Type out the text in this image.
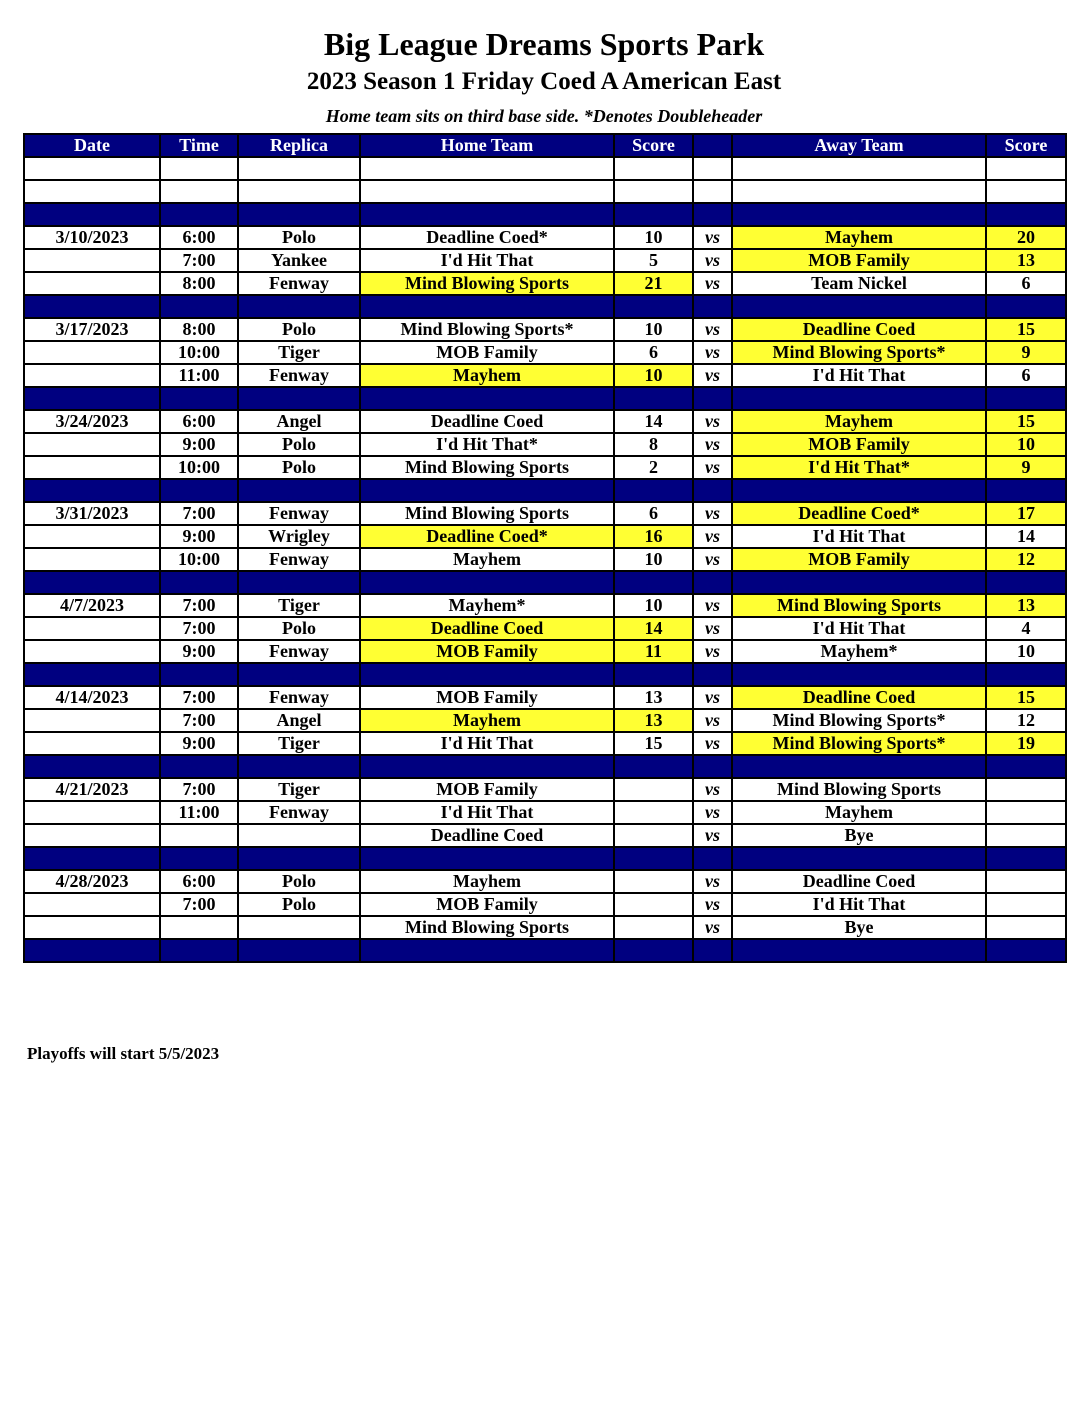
Big League Dreams Sports Park
2023 Season 1 Friday Coed A American East
Home team sits on third base side. *Denotes Doubleheader
Date	Time	Replica	Home Team	Score		Away Team	Score

3/10/2023	6:00	Polo	Deadline Coed*	10	vs	Mayhem	20
	7:00	Yankee	I'd Hit That	5	vs	MOB Family	13
	8:00	Fenway	Mind Blowing Sports	21	vs	Team Nickel	6

3/17/2023	8:00	Polo	Mind Blowing Sports*	10	vs	Deadline Coed	15
	10:00	Tiger	MOB Family	6	vs	Mind Blowing Sports*	9
	11:00	Fenway	Mayhem	10	vs	I'd Hit That	6

3/24/2023	6:00	Angel	Deadline Coed	14	vs	Mayhem	15
	9:00	Polo	I'd Hit That*	8	vs	MOB Family	10
	10:00	Polo	Mind Blowing Sports	2	vs	I'd Hit That*	9

3/31/2023	7:00	Fenway	Mind Blowing Sports	6	vs	Deadline Coed*	17
	9:00	Wrigley	Deadline Coed*	16	vs	I'd Hit That	14
	10:00	Fenway	Mayhem	10	vs	MOB Family	12

4/7/2023	7:00	Tiger	Mayhem*	10	vs	Mind Blowing Sports	13
	7:00	Polo	Deadline Coed	14	vs	I'd Hit That	4
	9:00	Fenway	MOB Family	11	vs	Mayhem*	10

4/14/2023	7:00	Fenway	MOB Family	13	vs	Deadline Coed	15
	7:00	Angel	Mayhem	13	vs	Mind Blowing Sports*	12
	9:00	Tiger	I'd Hit That	15	vs	Mind Blowing Sports*	19

4/21/2023	7:00	Tiger	MOB Family		vs	Mind Blowing Sports	
	11:00	Fenway	I'd Hit That		vs	Mayhem	
			Deadline Coed		vs	Bye	

4/28/2023	6:00	Polo	Mayhem		vs	Deadline Coed	
	7:00	Polo	MOB Family		vs	I'd Hit That	
			Mind Blowing Sports		vs	Bye	

Playoffs will start 5/5/2023
